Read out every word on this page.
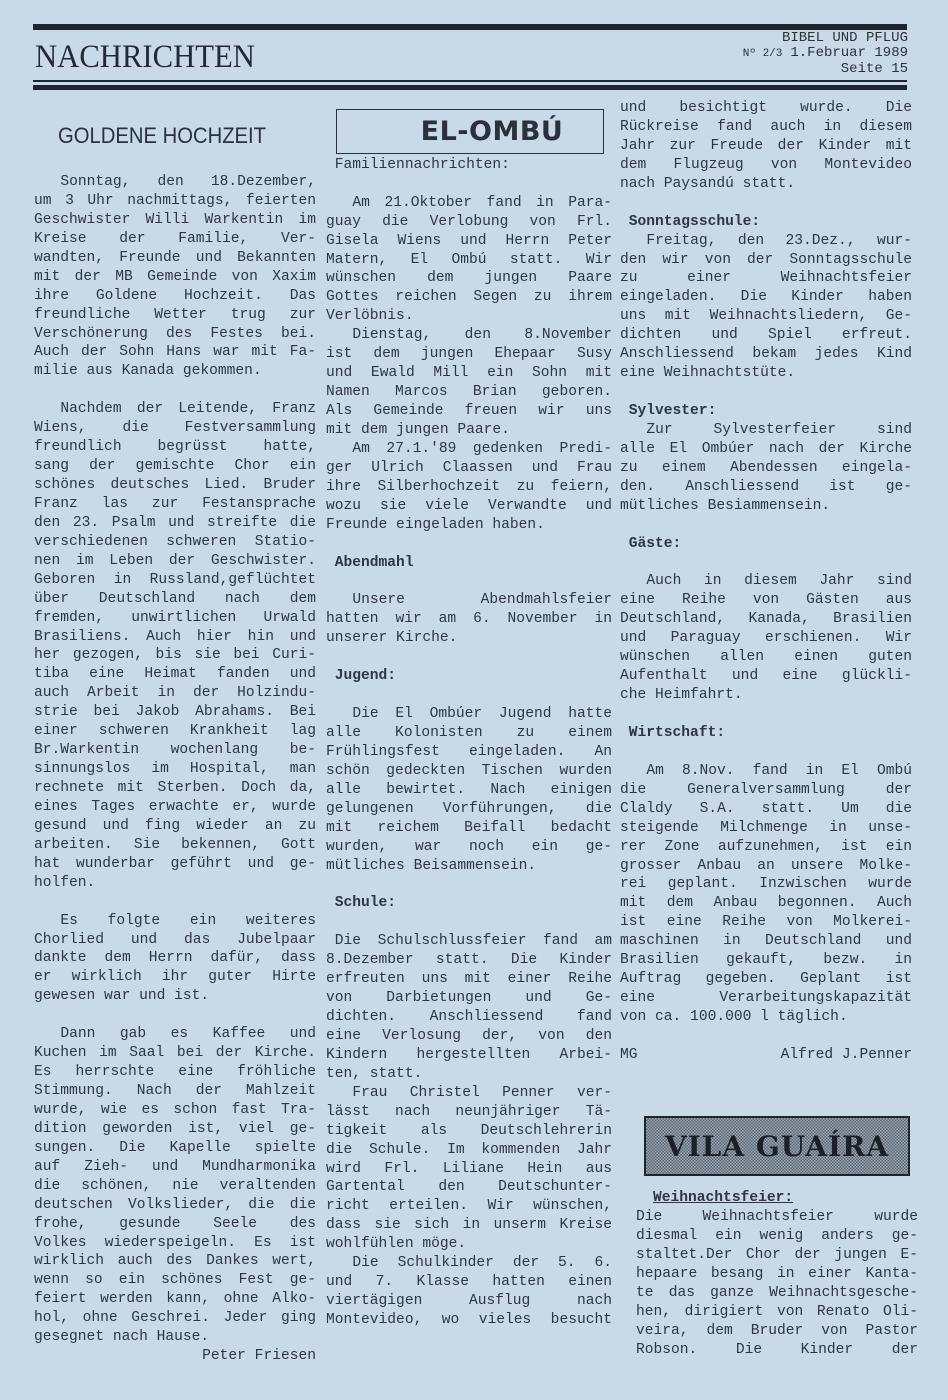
NACHRICHTEN
BIBEL UND PFLUG
Nº 2/3 1.Februar 1989
Seite 15
GOLDENE HOCHZEIT
Sonntag, den 18.Dezember,
um 3 Uhr nachmittags, feierten
Geschwister Willi Warkentin im
Kreise der Familie, Ver-
wandten, Freunde und Bekannten
mit der MB Gemeinde von Xaxim
ihre Goldene Hochzeit. Das
freundliche Wetter trug zur
Verschönerung des Festes bei.
Auch der Sohn Hans war mit Fa-
milie aus Kanada gekommen.
Nachdem der Leitende, Franz
Wiens, die Festversammlung
freundlich begrüsst hatte,
sang der gemischte Chor ein
schönes deutsches Lied. Bruder
Franz las zur Festansprache
den 23. Psalm und streifte die
verschiedenen schweren Statio-
nen im Leben der Geschwister.
Geboren in Russland,geflüchtet
über Deutschland nach dem
fremden, unwirtlichen Urwald
Brasiliens. Auch hier hin und
her gezogen, bis sie bei Curi-
tiba eine Heimat fanden und
auch Arbeit in der Holzindu-
strie bei Jakob Abrahams. Bei
einer schweren Krankheit lag
Br.Warkentin wochenlang be-
sinnungslos im Hospital, man
rechnete mit Sterben. Doch da,
eines Tages erwachte er, wurde
gesund und fing wieder an zu
arbeiten. Sie bekennen, Gott
hat wunderbar geführt und ge-
holfen.
Es folgte ein weiteres
Chorlied und das Jubelpaar
dankte dem Herrn dafür, dass
er wirklich ihr guter Hirte
gewesen war und ist.
Dann gab es Kaffee und
Kuchen im Saal bei der Kirche.
Es herrschte eine fröhliche
Stimmung. Nach der Mahlzeit
wurde, wie es schon fast Tra-
dition geworden ist, viel ge-
sungen. Die Kapelle spielte
auf Zieh- und Mundharmonika
die schönen, nie veraltenden
deutschen Volkslieder, die die
frohe, gesunde Seele des
Volkes wiederspeigeln. Es ist
wirklich auch des Dankes wert,
wenn so ein schönes Fest ge-
feiert werden kann, ohne Alko-
hol, ohne Geschrei. Jeder ging
gesegnet nach Hause.
Peter Friesen
EL-OMBÚ
Familiennachrichten:
Am 21.Oktober fand in Para-
guay die Verlobung von Frl.
Gisela Wiens und Herrn Peter
Matern, El Ombú statt. Wir
wünschen dem jungen Paare
Gottes reichen Segen zu ihrem
Verlöbnis.
Dienstag, den 8.November
ist dem jungen Ehepaar Susy
und Ewald Mill ein Sohn mit
Namen Marcos Brian geboren.
Als Gemeinde freuen wir uns
mit dem jungen Paare.
Am 27.1.'89 gedenken Predi-
ger Ulrich Claassen und Frau
ihre Silberhochzeit zu feiern,
wozu sie viele Verwandte und
Freunde eingeladen haben.
Abendmahl
Unsere Abendmahlsfeier
hatten wir am 6. November in
unserer Kirche.
Jugend:
Die El Ombúer Jugend hatte
alle Kolonisten zu einem
Frühlingsfest eingeladen. An
schön gedeckten Tischen wurden
alle bewirtet. Nach einigen
gelungenen Vorführungen, die
mit reichem Beifall bedacht
wurden, war noch ein ge-
mütliches Beisammensein.
Schule:
Die Schulschlussfeier fand am
8.Dezember statt. Die Kinder
erfreuten uns mit einer Reihe
von Darbietungen und Ge-
dichten. Anschliessend fand
eine Verlosung der, von den
Kindern hergestellten Arbei-
ten, statt.
Frau Christel Penner ver-
lässt nach neunjähriger Tä-
tigkeit als Deutschlehrerin
die Schule. Im kommenden Jahr
wird Frl. Liliane Hein aus
Gartental den Deutschunter-
richt erteilen. Wir wünschen,
dass sie sich in unserm Kreise
wohlfühlen möge.
Die Schulkinder der 5. 6.
und 7. Klasse hatten einen
viertägigen Ausflug nach
Montevideo, wo vieles besucht
und besichtigt wurde. Die
Rückreise fand auch in diesem
Jahr zur Freude der Kinder mit
dem Flugzeug von Montevideo
nach Paysandú statt.
Sonntagsschule:
Freitag, den 23.Dez., wur-
den wir von der Sonntagsschule
zu einer Weihnachtsfeier
eingeladen. Die Kinder haben
uns mit Weihnachtsliedern, Ge-
dichten und Spiel erfreut.
Anschliessend bekam jedes Kind
eine Weihnachtstüte.
Sylvester:
Zur Sylvesterfeier sind
alle El Ombúer nach der Kirche
zu einem Abendessen eingela-
den. Anschliessend ist ge-
mütliches Besiammensein.
Gäste:
Auch in diesem Jahr sind
eine Reihe von Gästen aus
Deutschland, Kanada, Brasilien
und Paraguay erschienen. Wir
wünschen allen einen guten
Aufenthalt und eine glückli-
che Heimfahrt.
Wirtschaft:
Am 8.Nov. fand in El Ombú
die Generalversammlung der
Claldy S.A. statt. Um die
steigende Milchmenge in unse-
rer Zone aufzunehmen, ist ein
grosser Anbau an unsere Molke-
rei geplant. Inzwischen wurde
mit dem Anbau begonnen. Auch
ist eine Reihe von Molkerei-
maschinen in Deutschland und
Brasilien gekauft, bezw. in
Auftrag gegeben. Geplant ist
eine Verarbeitungskapazität
von ca. 100.000 l täglich.
MG	Alfred J.Penner
VILA GUAÍRA
Weihnachtsfeier:
Die Weihnachtsfeier wurde
diesmal ein wenig anders ge-
staltet.Der Chor der jungen E-
hepaare besang in einer Kanta-
te das ganze Weihnachtsgesche-
hen, dirigiert von Renato Oli-
veira, dem Bruder von Pastor
Robson. Die Kinder der
